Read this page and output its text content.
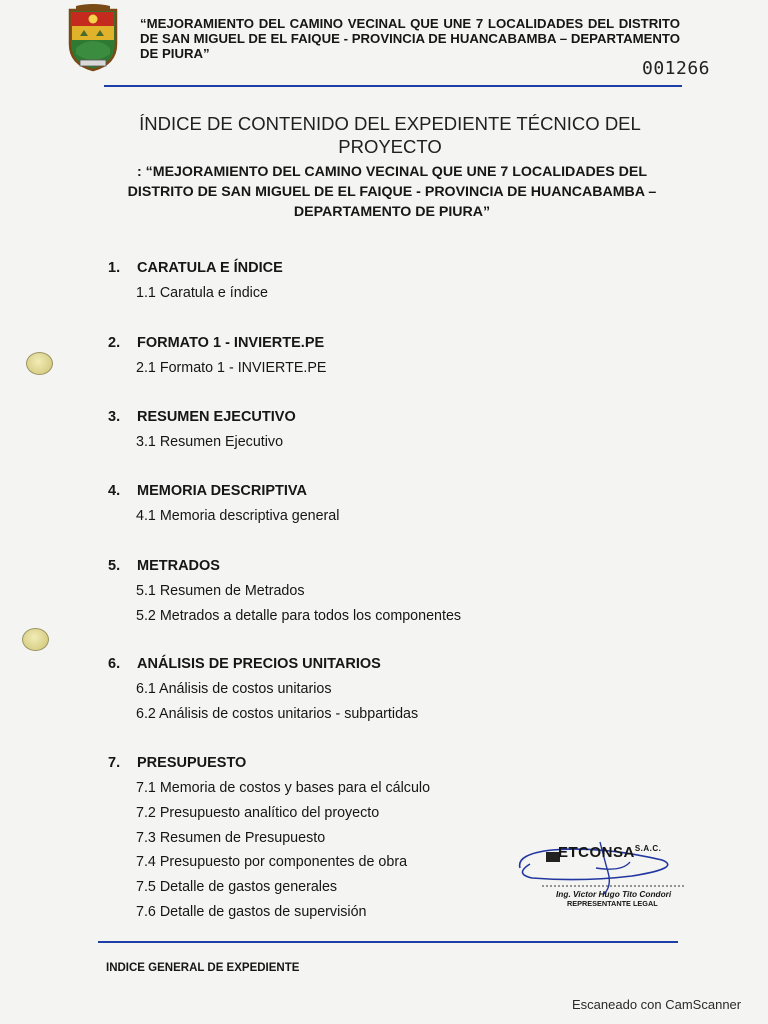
“MEJORAMIENTO DEL CAMINO VECINAL QUE UNE 7 LOCALIDADES DEL DISTRITO DE SAN MIGUEL DE EL FAIQUE - PROVINCIA DE HUANCABAMBA – DEPARTAMENTO DE PIURA”
001266
ÍNDICE DE CONTENIDO DEL EXPEDIENTE TÉCNICO DEL
PROYECTO
: “MEJORAMIENTO DEL CAMINO VECINAL QUE UNE 7 LOCALIDADES DEL DISTRITO DE SAN MIGUEL DE EL FAIQUE - PROVINCIA DE HUANCABAMBA – DEPARTAMENTO DE PIURA”
1. CARATULA E ÍNDICE
1.1 Caratula e índice
2. FORMATO 1 - INVIERTE.PE
2.1 Formato 1 - INVIERTE.PE
3. RESUMEN EJECUTIVO
3.1 Resumen Ejecutivo
4. MEMORIA DESCRIPTIVA
4.1 Memoria descriptiva general
5. METRADOS
5.1 Resumen de Metrados
5.2 Metrados a detalle para todos los componentes
6. ANÁLISIS DE PRECIOS UNITARIOS
6.1 Análisis de costos unitarios
6.2 Análisis de costos unitarios - subpartidas
7. PRESUPUESTO
7.1 Memoria de costos y bases para el cálculo
7.2 Presupuesto analítico del proyecto
7.3 Resumen de Presupuesto
7.4 Presupuesto por componentes de obra
7.5 Detalle de gastos generales
7.6 Detalle de gastos de supervisión
$ETCONSA^{S.A.C.}$
Ing. Victor Hugo Tito Condori
REPRESENTANTE LEGAL
INDICE GENERAL DE EXPEDIENTE
Escaneado con CamScanner
